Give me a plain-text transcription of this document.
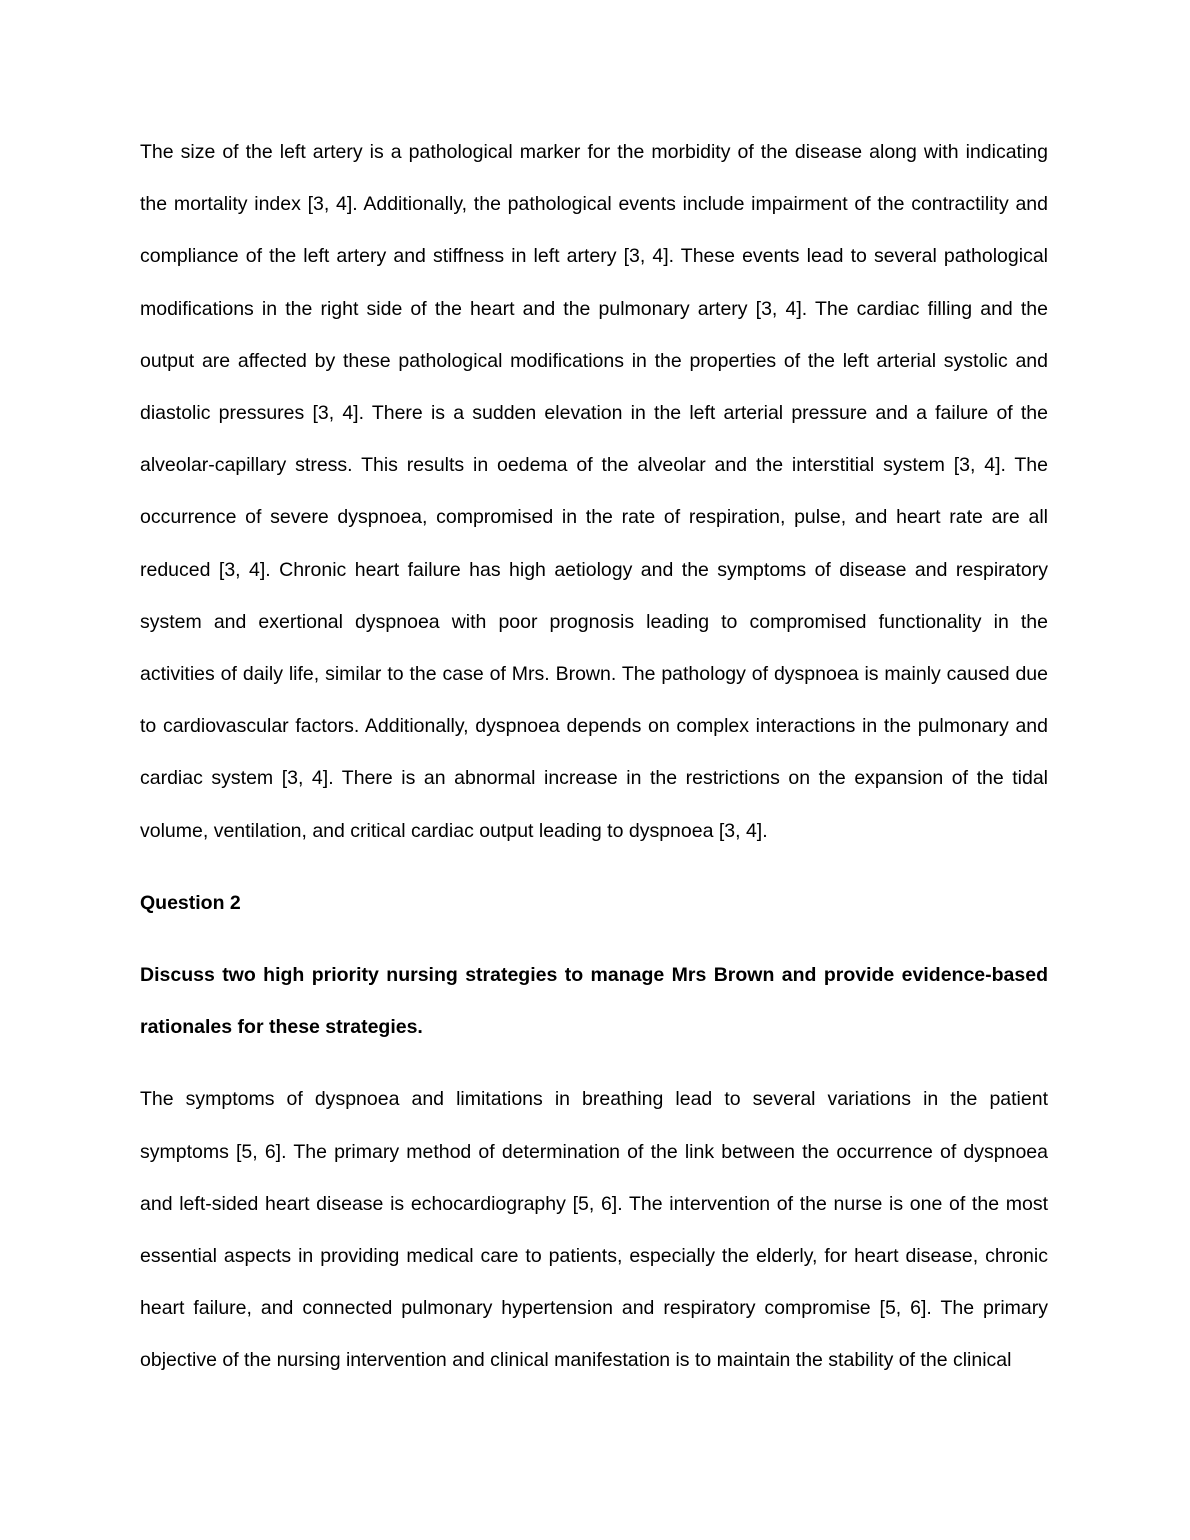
The size of the left artery is a pathological marker for the morbidity of the disease along with indicating the mortality index [3, 4]. Additionally, the pathological events include impairment of the contractility and compliance of the left artery and stiffness in left artery [3, 4]. These events lead to several pathological modifications in the right side of the heart and the pulmonary artery [3, 4]. The cardiac filling and the output are affected by these pathological modifications in the properties of the left arterial systolic and diastolic pressures [3, 4]. There is a sudden elevation in the left arterial pressure and a failure of the alveolar-capillary stress. This results in oedema of the alveolar and the interstitial system [3, 4]. The occurrence of severe dyspnoea, compromised in the rate of respiration, pulse, and heart rate are all reduced [3, 4]. Chronic heart failure has high aetiology and the symptoms of disease and respiratory system and exertional dyspnoea with poor prognosis leading to compromised functionality in the activities of daily life, similar to the case of Mrs. Brown. The pathology of dyspnoea is mainly caused due to cardiovascular factors. Additionally, dyspnoea depends on complex interactions in the pulmonary and cardiac system [3, 4]. There is an abnormal increase in the restrictions on the expansion of the tidal volume, ventilation, and critical cardiac output leading to dyspnoea [3, 4].

Question 2

Discuss two high priority nursing strategies to manage Mrs Brown and provide evidence-based rationales for these strategies.

The symptoms of dyspnoea and limitations in breathing lead to several variations in the patient symptoms [5, 6]. The primary method of determination of the link between the occurrence of dyspnoea and left-sided heart disease is echocardiography [5, 6]. The intervention of the nurse is one of the most essential aspects in providing medical care to patients, especially the elderly, for heart disease, chronic heart failure, and connected pulmonary hypertension and respiratory compromise [5, 6]. The primary objective of the nursing intervention and clinical manifestation is to maintain the stability of the clinical
